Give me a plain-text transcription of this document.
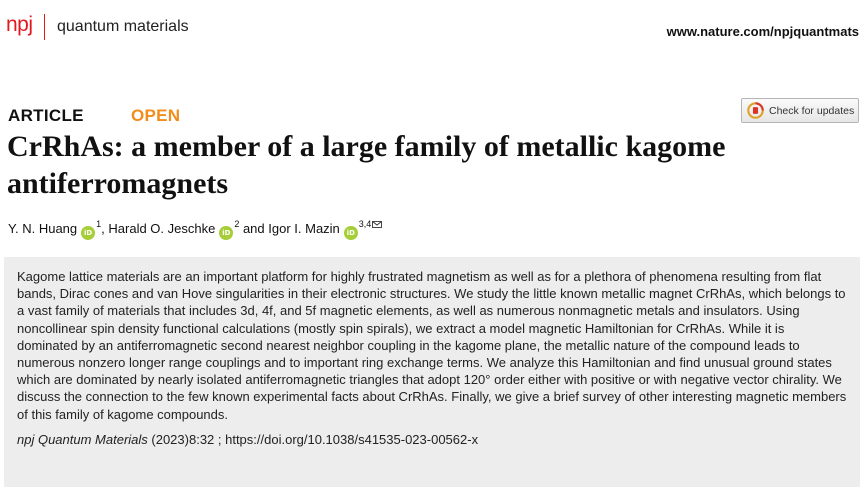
npj quantum materials	www.nature.com/npjquantmats
ARTICLE	OPEN	Check for updates
CrRhAs: a member of a large family of metallic kagome antiferromagnets
Y. N. Huang iD$^1$, Harald O. Jeschke iD$^2$ and Igor I. Mazin iD$^{3,4}$

Kagome lattice materials are an important platform for highly frustrated magnetism as well as for a plethora of phenomena resulting from flat bands, Dirac cones and van Hove singularities in their electronic structures. We study the little known metallic magnet CrRhAs, which belongs to a vast family of materials that includes 3d, 4f, and 5f magnetic elements, as well as numerous nonmagnetic metals and insulators. Using noncollinear spin density functional calculations (mostly spin spirals), we extract a model magnetic Hamiltonian for CrRhAs. While it is dominated by an antiferromagnetic second nearest neighbor coupling in the kagome plane, the metallic nature of the compound leads to numerous nonzero longer range couplings and to important ring exchange terms. We analyze this Hamiltonian and find unusual ground states which are dominated by nearly isolated antiferromagnetic triangles that adopt 120° order either with positive or with negative vector chirality. We discuss the connection to the few known experimental facts about CrRhAs. Finally, we give a brief survey of other interesting magnetic members of this family of kagome compounds.

npj Quantum Materials (2023)8:32 ; https://doi.org/10.1038/s41535-023-00562-x
